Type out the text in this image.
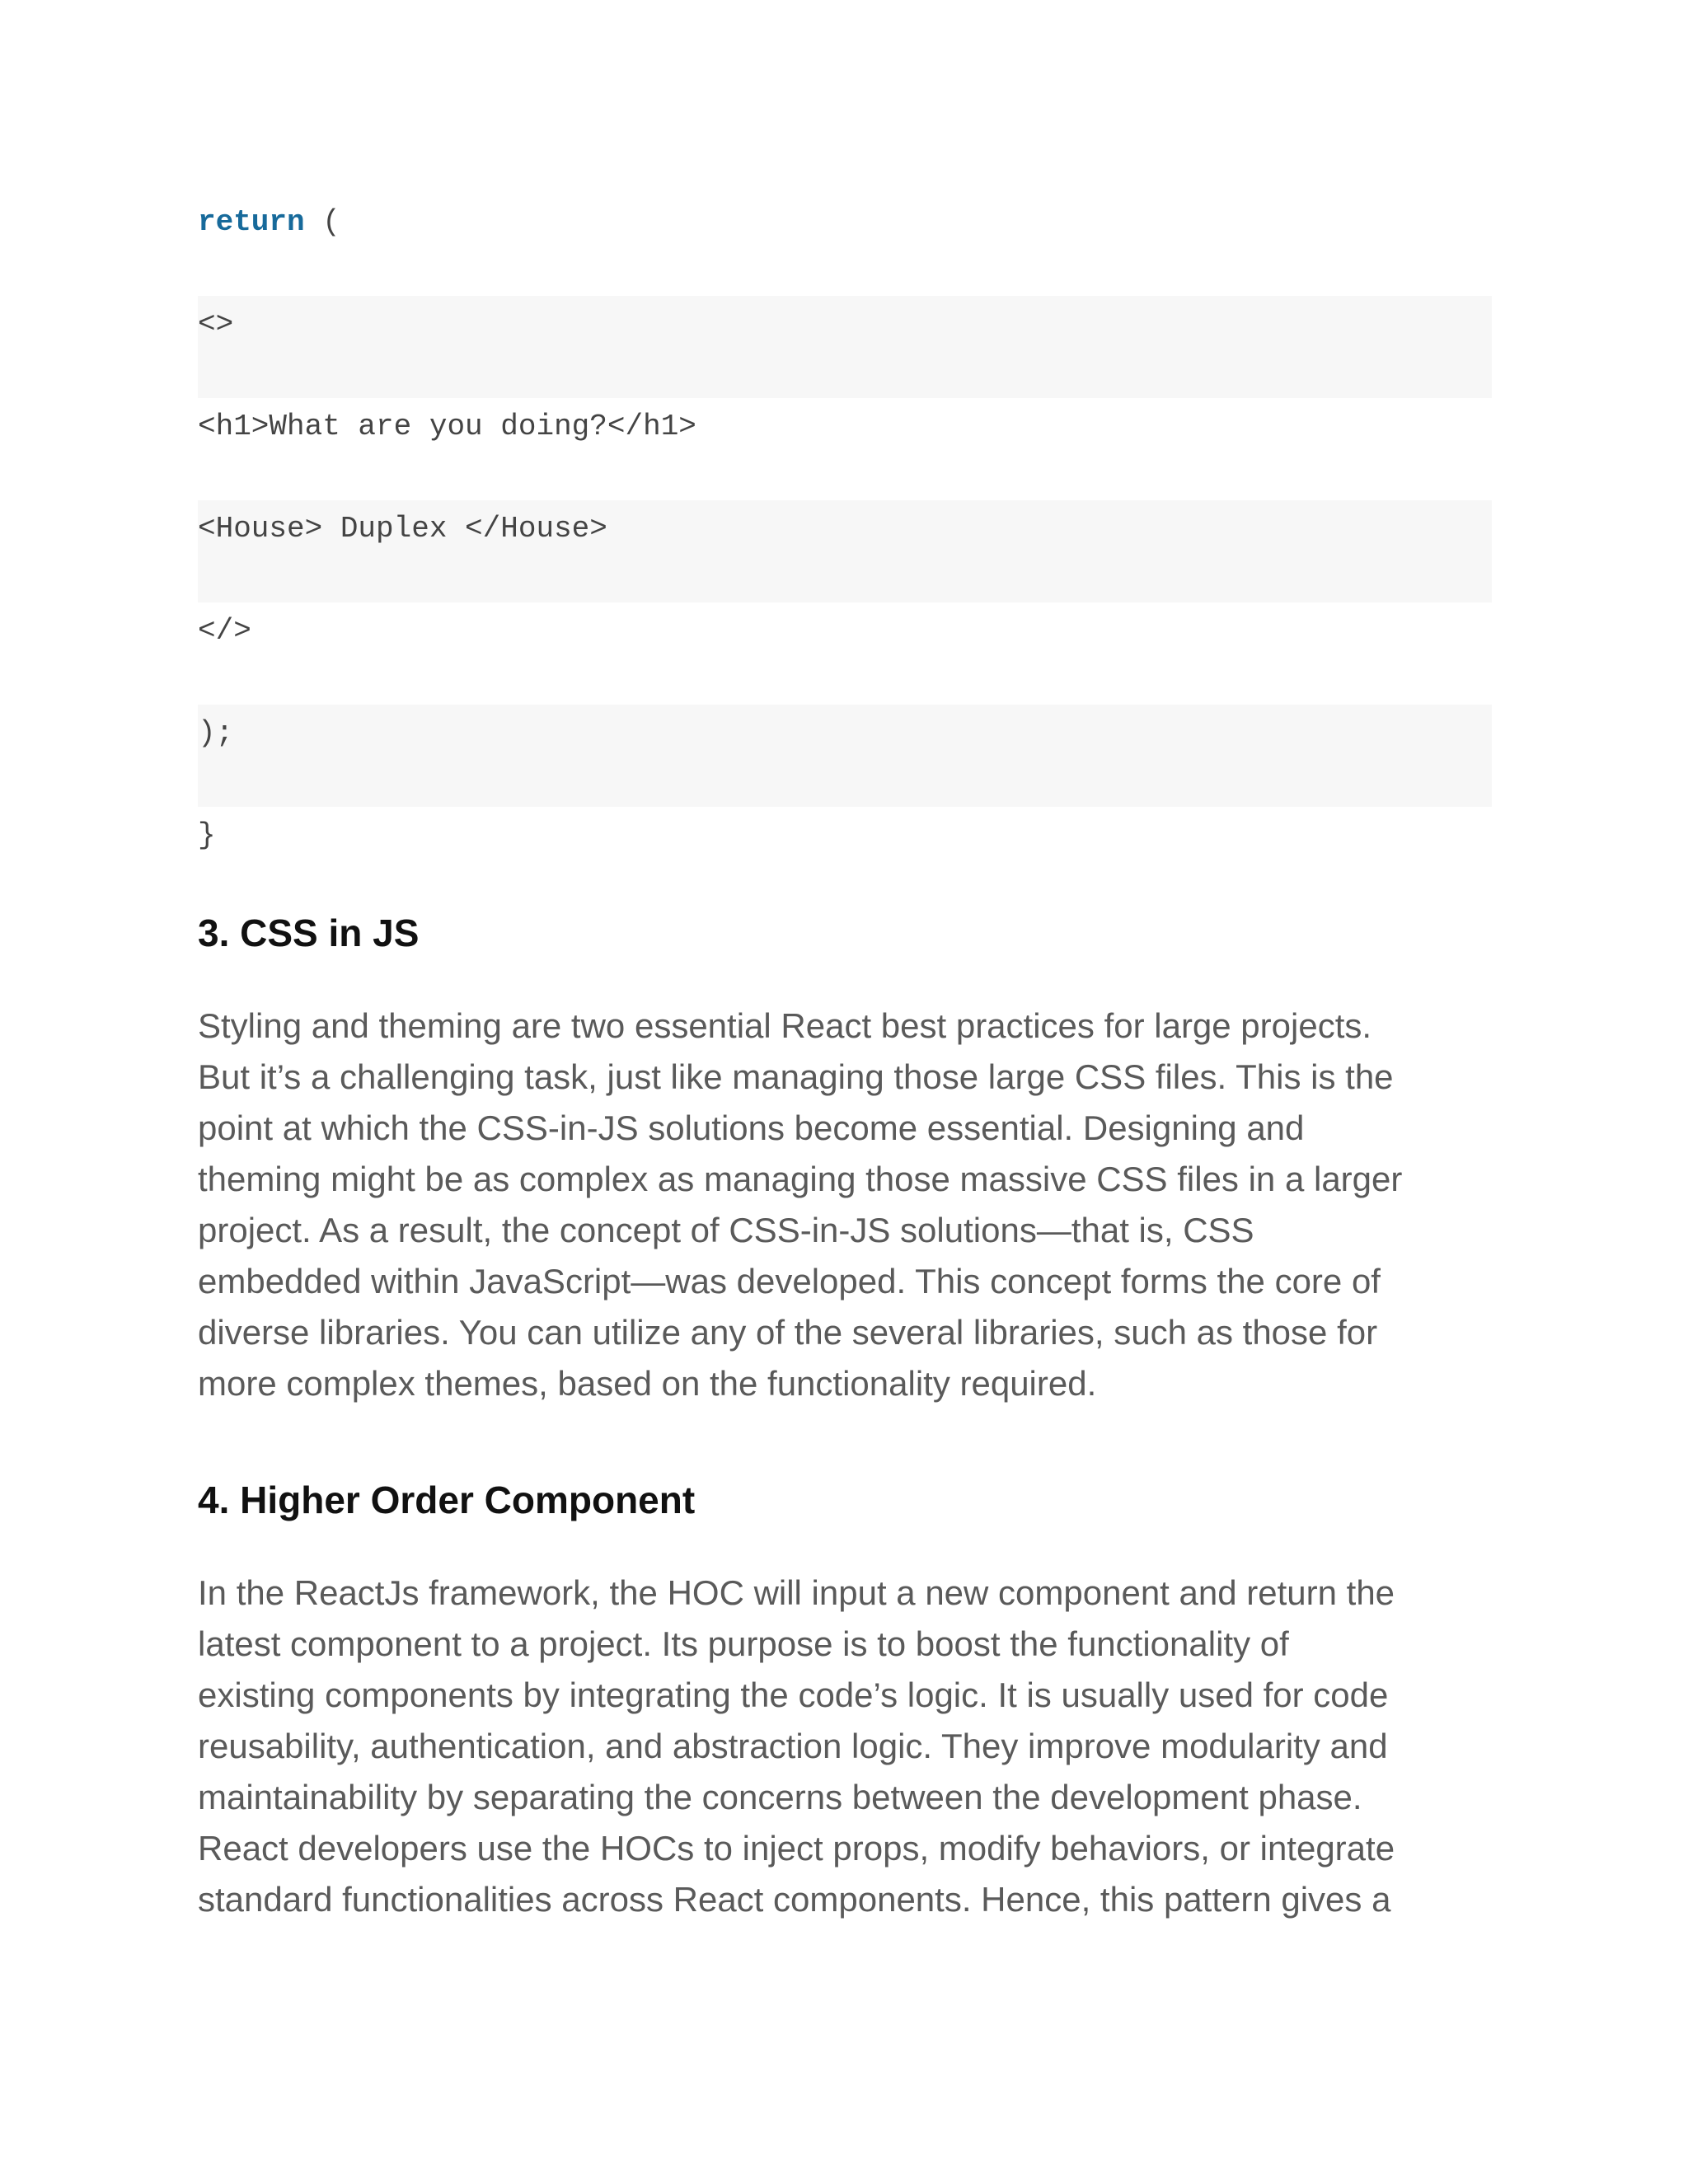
return (
<>
<h1>What are you doing?</h1>
<House> Duplex </House>
</>
);
}
3. CSS in JS

Styling and theming are two essential React best practices for large projects.
But it’s a challenging task, just like managing those large CSS files. This is the
point at which the CSS-in-JS solutions become essential. Designing and
theming might be as complex as managing those massive CSS files in a larger
project. As a result, the concept of CSS-in-JS solutions—that is, CSS
embedded within JavaScript—was developed. This concept forms the core of
diverse libraries. You can utilize any of the several libraries, such as those for
more complex themes, based on the functionality required.

4. Higher Order Component

In the ReactJs framework, the HOC will input a new component and return the
latest component to a project. Its purpose is to boost the functionality of
existing components by integrating the code’s logic. It is usually used for code
reusability, authentication, and abstraction logic. They improve modularity and
maintainability by separating the concerns between the development phase.
React developers use the HOCs to inject props, modify behaviors, or integrate
standard functionalities across React components. Hence, this pattern gives a
